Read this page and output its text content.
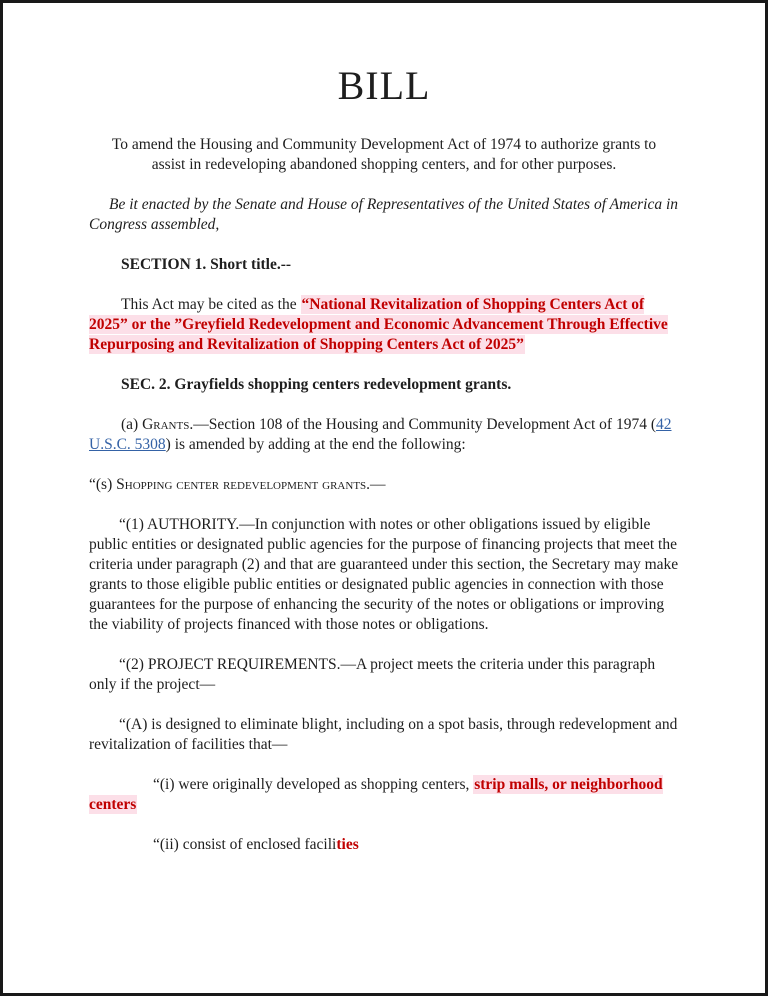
BILL

To amend the Housing and Community Development Act of 1974 to authorize grants to assist in redeveloping abandoned shopping centers, and for other purposes.

Be it enacted by the Senate and House of Representatives of the United States of America in Congress assembled,

SECTION 1. Short title.--

This Act may be cited as the “National Revitalization of Shopping Centers Act of 2025” or the ”Greyfield Redevelopment and Economic Advancement Through Effective Repurposing and Revitalization of Shopping Centers Act of 2025”

SEC. 2. Grayfields shopping centers redevelopment grants.

(a) Grants.—Section 108 of the Housing and Community Development Act of 1974 (42 U.S.C. 5308) is amended by adding at the end the following:

“(s) Shopping center redevelopment grants.—

“(1) AUTHORITY.—In conjunction with notes or other obligations issued by eligible public entities or designated public agencies for the purpose of financing projects that meet the criteria under paragraph (2) and that are guaranteed under this section, the Secretary may make grants to those eligible public entities or designated public agencies in connection with those guarantees for the purpose of enhancing the security of the notes or obligations or improving the viability of projects financed with those notes or obligations.

“(2) PROJECT REQUIREMENTS.—A project meets the criteria under this paragraph only if the project—

“(A) is designed to eliminate blight, including on a spot basis, through redevelopment and revitalization of facilities that—

“(i) were originally developed as shopping centers, strip malls, or neighborhood centers

“(ii) consist of enclosed facilities
